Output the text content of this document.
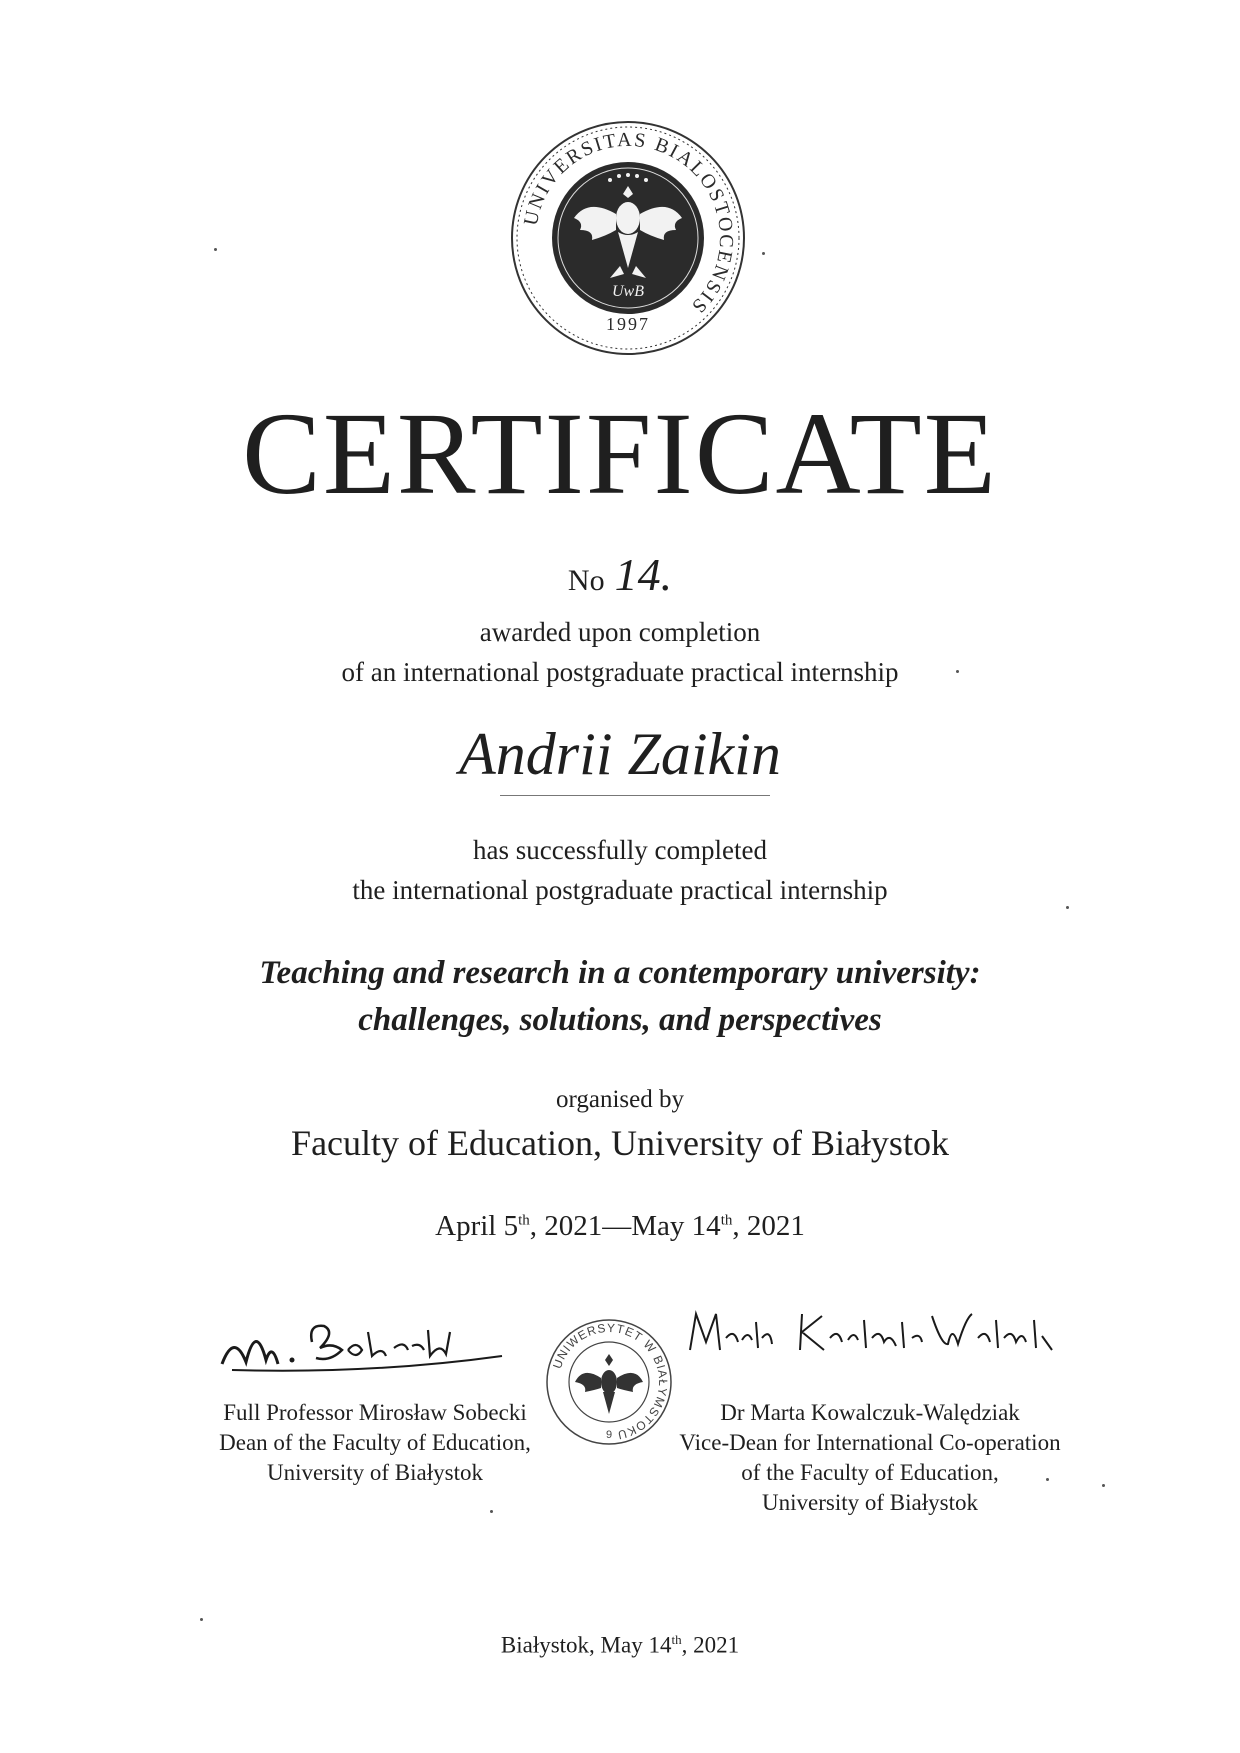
UNIVERSITAS BIALOSTOCENSIS
UwB
1997
CERTIFICATE
No 14.
awarded upon completion
of an international postgraduate practical internship
Andrii Zaikin
has successfully completed
the international postgraduate practical internship
Teaching and research in a contemporary university:
challenges, solutions, and perspectives
organised by
Faculty of Education, University of Białystok
April 5th, 2021—May 14th, 2021
UNIWERSYTET W BIAŁYMSTOKU
9
Full Professor Mirosław Sobecki
Dean of the Faculty of Education,
University of Białystok
Dr Marta Kowalczuk-Walędziak
Vice-Dean for International Co-operation
of the Faculty of Education,
University of Białystok
Białystok, May 14th, 2021
